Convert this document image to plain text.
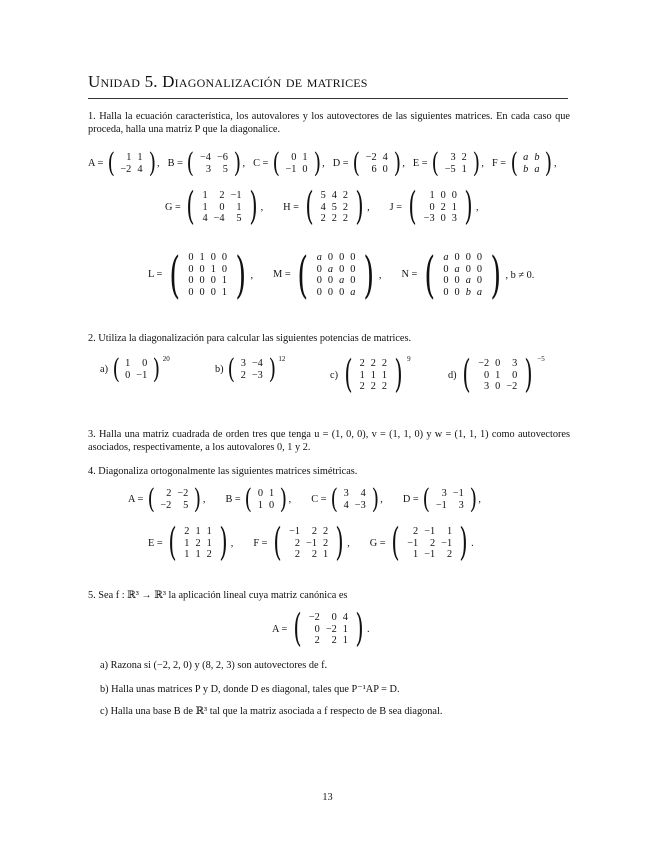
Unidad 5. Diagonalización de matrices
1. Halla la ecuación característica, los autovalores y los autovectores de las siguientes matrices. En cada caso que proceda, halla una matriz P que la diagonalice.
A = ( 1	1
−2	4 ) , B = ( −4	−6
3	5 ) , C = ( 0	1
−1	0 ) , D = ( −2	4
6	0 ) , E = ( 3	2
−5	1 ) , F = ( a	b
b	a ) ,
G = ( 1	2	−1
1	0	1
4	−4	5 ) , H = ( 5	4	2
4	5	2
2	2	2 ) , J = ( 1	0	0
0	2	1
−3	0	3 ) ,
L = ( 0	1	0	0
0	0	1	0
0	0	0	1
0	0	0	1 ) , M = ( a	0	0	0
0	a	0	0
0	0	a	0
0	0	0	a ) , N = ( a	0	0	0
0	a	0	0
0	0	a	0
0	0	b	a ) , b ≠ 0.
2. Utiliza la diagonalización para calcular las siguientes potencias de matrices.
a) ( 1	0
0	−1 ) 20
b) ( 3	−4
2	−3 ) 12
c) ( 2	2	2
1	1	1
2	2	2 ) 9
d) ( −2	0	3
0	1	0
3	0	−2 ) −5
3. Halla una matriz cuadrada de orden tres que tenga u = (1, 0, 0), v = (1, 1, 0) y w = (1, 1, 1) como autovectores asociados, respectivamente, a los autovalores 0, 1 y 2.
4. Diagonaliza ortogonalmente las siguientes matrices simétricas.
A = ( 2	−2
−2	5 ) , B = ( 0	1
1	0 ) , C = ( 3	4
4	−3 ) , D = ( 3	−1
−1	3 ) ,
E = ( 2	1	1
1	2	1
1	1	2 ) , F = ( −1	2	2
2	−1	2
2	2	1 ) , G = ( 2	−1	1
−1	2	−1
1	−1	2 ) .
5. Sea f : ℝ³ → ℝ³ la aplicación lineal cuya matriz canónica es
A = ( −2	0	4
0	−2	1
2	2	1 ) .
a) Razona si (−2, 2, 0) y (8, 2, 3) son autovectores de f.
b) Halla unas matrices P y D, donde D es diagonal, tales que P⁻¹AP = D.
c) Halla una base B de ℝ³ tal que la matriz asociada a f respecto de B sea diagonal.
13
